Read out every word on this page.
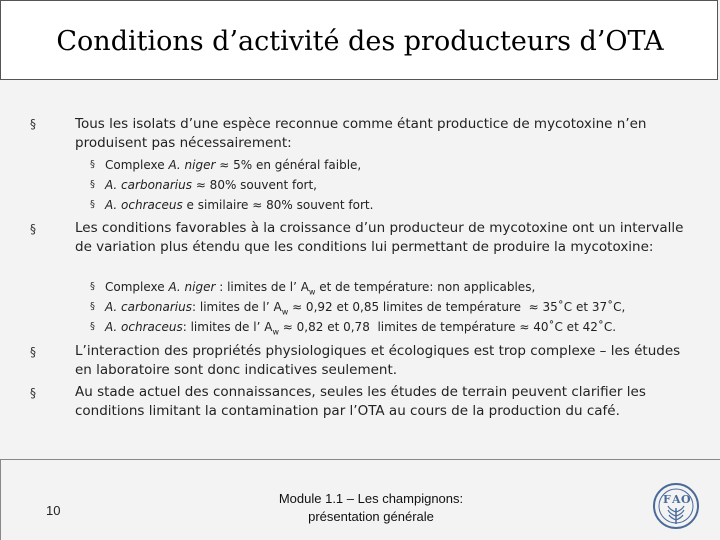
Conditions d’activité des producteurs d’OTA
§	Tous les isolats d’une espèce reconnue comme étant productice de mycotoxine n’en produisent pas nécessairement:
§ Complexe A. niger ≈ 5% en général faible,
§ A. carbonarius ≈ 80% souvent fort,
§ A. ochraceus e similaire ≈ 80% souvent fort.
§	Les conditions favorables à la croissance d’un producteur de mycotoxine ont un intervalle de variation plus étendu que les conditions lui permettant de produire la mycotoxine:
§ Complexe A. niger : limites de l’ $A_w$ et de température: non applicables,
§ A. carbonarius: limites de l’ $A_w \approx 0,92$ et 0,85 limites de température  ≈ 35˚C et 37˚C,
§ A. ochraceus: limites de l’ $A_w \approx 0,82$ et 0,78  limites de température ≈ 40˚C et 42˚C.
§	L’interaction des propriétés physiologiques et écologiques est trop complexe – les études en laboratoire sont donc indicatives seulement.
§	Au stade actuel des connaissances, seules les études de terrain peuvent clarifier les conditions limitant la contamination par l’OTA au cours de la production du café.
10
Module 1.1 – Les champignons:
présentation générale
F A O
